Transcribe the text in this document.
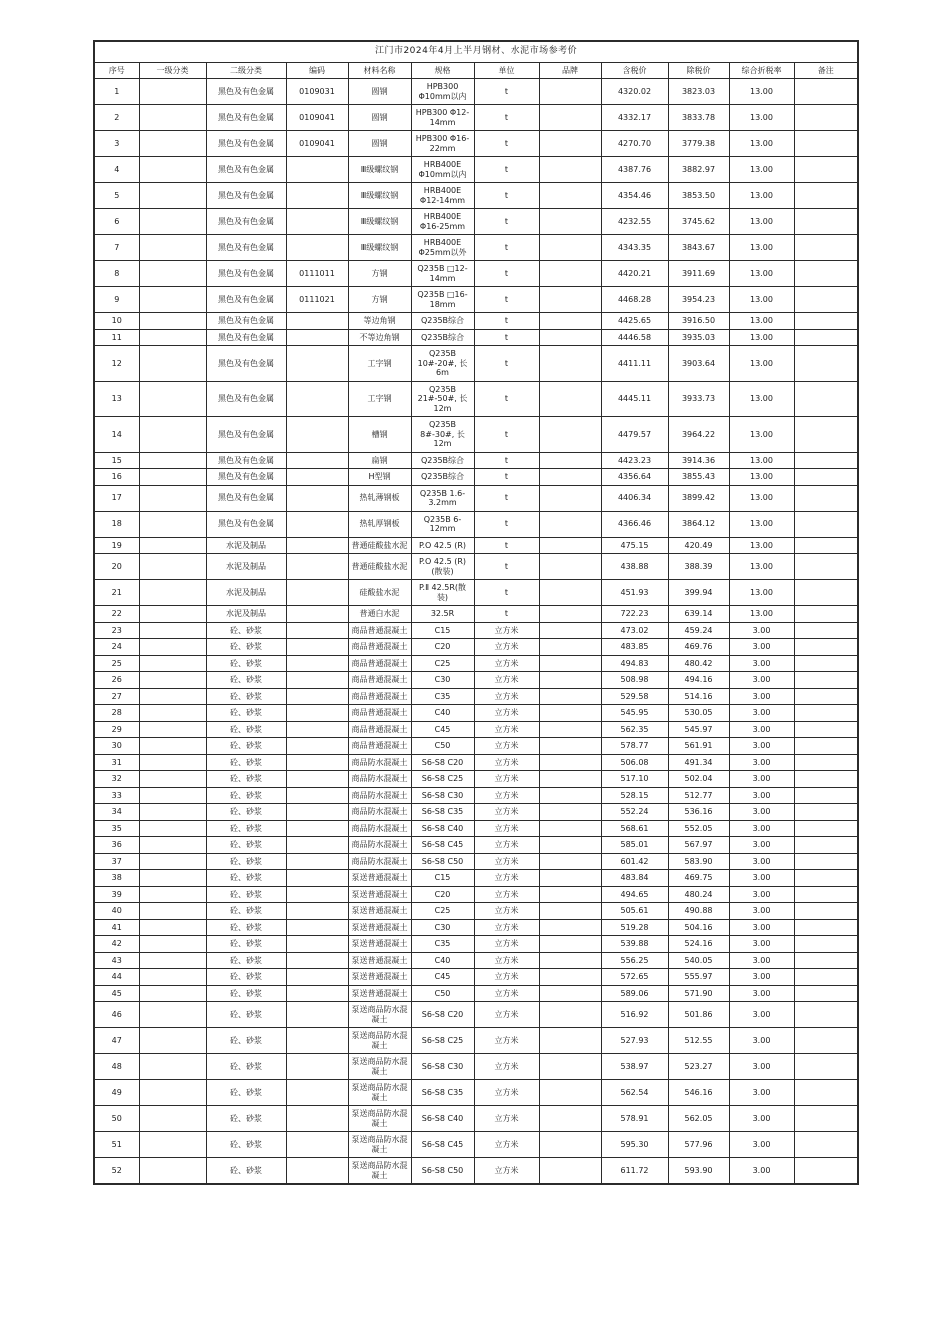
江门市2024年4月上半月钢材、水泥市场参考价											
序号	一级分类	二级分类	编码	材料名称	规格	单位	品牌	含税价	除税价	综合折税率	备注
1		黑色及有色金属	0109031	圆钢	HPB300 Φ10mm以内	t		4320.02	3823.03	13.00	
2		黑色及有色金属	0109041	圆钢	HPB300 Φ12-14mm	t		4332.17	3833.78	13.00	
3		黑色及有色金属	0109041	圆钢	HPB300 Φ16-22mm	t		4270.70	3779.38	13.00	
4		黑色及有色金属		Ⅲ级螺纹钢	HRB400E Φ10mm以内	t		4387.76	3882.97	13.00	
5		黑色及有色金属		Ⅲ级螺纹钢	HRB400E Φ12-14mm	t		4354.46	3853.50	13.00	
6		黑色及有色金属		Ⅲ级螺纹钢	HRB400E Φ16-25mm	t		4232.55	3745.62	13.00	
7		黑色及有色金属		Ⅲ级螺纹钢	HRB400E Φ25mm以外	t		4343.35	3843.67	13.00	
8		黑色及有色金属	0111011	方钢	Q235B □12-14mm	t		4420.21	3911.69	13.00	
9		黑色及有色金属	0111021	方钢	Q235B □16-18mm	t		4468.28	3954.23	13.00	
10		黑色及有色金属		等边角钢	Q235B综合	t		4425.65	3916.50	13.00	
11		黑色及有色金属		不等边角钢	Q235B综合	t		4446.58	3935.03	13.00	
12		黑色及有色金属		工字钢	Q235B 10#-20#, 长6m	t		4411.11	3903.64	13.00	
13		黑色及有色金属		工字钢	Q235B 21#-50#, 长12m	t		4445.11	3933.73	13.00	
14		黑色及有色金属		槽钢	Q235B 8#-30#, 长12m	t		4479.57	3964.22	13.00	
15		黑色及有色金属		扁钢	Q235B综合	t		4423.23	3914.36	13.00	
16		黑色及有色金属		H型钢	Q235B综合	t		4356.64	3855.43	13.00	
17		黑色及有色金属		热轧薄钢板	Q235B 1.6-3.2mm	t		4406.34	3899.42	13.00	
18		黑色及有色金属		热轧厚钢板	Q235B 6-12mm	t		4366.46	3864.12	13.00	
19		水泥及制品		普通硅酸盐水泥	P.O 42.5 (R)	t		475.15	420.49	13.00	
20		水泥及制品		普通硅酸盐水泥	P.O 42.5 (R) (散装)	t		438.88	388.39	13.00	
21		水泥及制品		硅酸盐水泥	P.Ⅱ 42.5R(散装)	t		451.93	399.94	13.00	
22		水泥及制品		普通白水泥	32.5R	t		722.23	639.14	13.00	
23		砼、砂浆		商品普通混凝土	C15	立方米		473.02	459.24	3.00	
24		砼、砂浆		商品普通混凝土	C20	立方米		483.85	469.76	3.00	
25		砼、砂浆		商品普通混凝土	C25	立方米		494.83	480.42	3.00	
26		砼、砂浆		商品普通混凝土	C30	立方米		508.98	494.16	3.00	
27		砼、砂浆		商品普通混凝土	C35	立方米		529.58	514.16	3.00	
28		砼、砂浆		商品普通混凝土	C40	立方米		545.95	530.05	3.00	
29		砼、砂浆		商品普通混凝土	C45	立方米		562.35	545.97	3.00	
30		砼、砂浆		商品普通混凝土	C50	立方米		578.77	561.91	3.00	
31		砼、砂浆		商品防水混凝土	S6-S8 C20	立方米		506.08	491.34	3.00	
32		砼、砂浆		商品防水混凝土	S6-S8 C25	立方米		517.10	502.04	3.00	
33		砼、砂浆		商品防水混凝土	S6-S8 C30	立方米		528.15	512.77	3.00	
34		砼、砂浆		商品防水混凝土	S6-S8 C35	立方米		552.24	536.16	3.00	
35		砼、砂浆		商品防水混凝土	S6-S8 C40	立方米		568.61	552.05	3.00	
36		砼、砂浆		商品防水混凝土	S6-S8 C45	立方米		585.01	567.97	3.00	
37		砼、砂浆		商品防水混凝土	S6-S8 C50	立方米		601.42	583.90	3.00	
38		砼、砂浆		泵送普通混凝土	C15	立方米		483.84	469.75	3.00	
39		砼、砂浆		泵送普通混凝土	C20	立方米		494.65	480.24	3.00	
40		砼、砂浆		泵送普通混凝土	C25	立方米		505.61	490.88	3.00	
41		砼、砂浆		泵送普通混凝土	C30	立方米		519.28	504.16	3.00	
42		砼、砂浆		泵送普通混凝土	C35	立方米		539.88	524.16	3.00	
43		砼、砂浆		泵送普通混凝土	C40	立方米		556.25	540.05	3.00	
44		砼、砂浆		泵送普通混凝土	C45	立方米		572.65	555.97	3.00	
45		砼、砂浆		泵送普通混凝土	C50	立方米		589.06	571.90	3.00	
46		砼、砂浆		泵送商品防水混凝土	S6-S8 C20	立方米		516.92	501.86	3.00	
47		砼、砂浆		泵送商品防水混凝土	S6-S8 C25	立方米		527.93	512.55	3.00	
48		砼、砂浆		泵送商品防水混凝土	S6-S8 C30	立方米		538.97	523.27	3.00	
49		砼、砂浆		泵送商品防水混凝土	S6-S8 C35	立方米		562.54	546.16	3.00	
50		砼、砂浆		泵送商品防水混凝土	S6-S8 C40	立方米		578.91	562.05	3.00	
51		砼、砂浆		泵送商品防水混凝土	S6-S8 C45	立方米		595.30	577.96	3.00	
52		砼、砂浆		泵送商品防水混凝土	S6-S8 C50	立方米		611.72	593.90	3.00	
